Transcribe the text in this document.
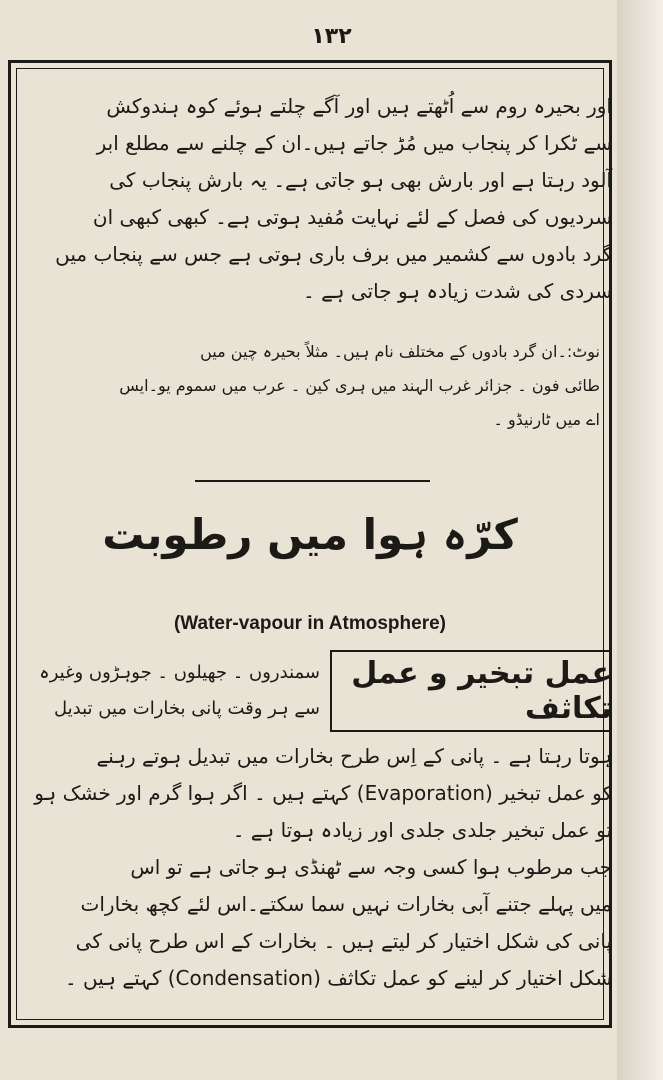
۱۳۲

اور بحیرہ روم سے اُٹھتے ہیں اور آگے چلتے ہوئے کوہ ہندوکش

سے ٹکرا کر پنجاب میں مُڑ جاتے ہیں۔ان کے چلنے سے مطلع ابر

آلود رہتا ہے اور بارش بھی ہو جاتی ہے۔ یہ بارش پنجاب کی

سردیوں کی فصل کے لئے نہایت مُفید ہوتی ہے۔ کبھی کبھی ان

گرد بادوں سے کشمیر میں برف باری ہوتی ہے جس سے پنجاب میں

سردی کی شدت زیادہ ہو جاتی ہے ۔

نوٹ:۔ان گرد بادوں کے مختلف نام ہیں۔ مثلاً بحیرہ چین میں

طائی فون ۔ جزائر غرب الہند میں ہری کین ۔ عرب میں سموم یو۔ایس

اے میں ٹارنیڈو ۔

کرّہ ہوا میں رطوبت
(Water-vapour in Atmosphere)
عمل تبخیر و عمل تکاثف

سمندروں ۔ جھیلوں ۔ جوہڑوں وغیرہ

سے ہر وقت پانی بخارات میں تبدیل

ہوتا رہتا ہے ۔ پانی کے اِس طرح بخارات میں تبدیل ہوتے رہنے

کو عمل تبخیر (Evaporation) کہتے ہیں ۔ اگر ہوا گرم اور خشک ہو

تو عمل تبخیر جلدی جلدی اور زیادہ ہوتا ہے ۔

جب مرطوب ہوا کسی وجہ سے ٹھنڈی ہو جاتی ہے تو اس

میں پہلے جتنے آبی بخارات نہیں سما سکتے۔اس لئے کچھ بخارات

پانی کی شکل اختیار کر لیتے ہیں ۔ بخارات کے اس طرح پانی کی

شکل اختیار کر لینے کو عمل تکاثف (Condensation) کہتے ہیں ۔
